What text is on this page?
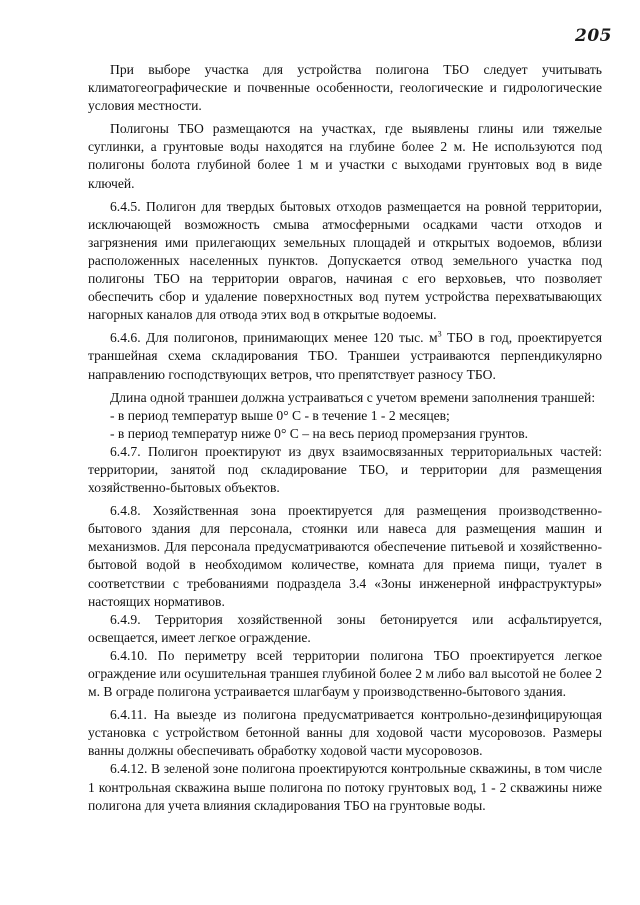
205

При выборе участка для устройства полигона ТБО следует учитывать климатогеографические и почвенные особенности, геологические и гидрологические условия местности.

Полигоны ТБО размещаются на участках, где выявлены глины или тяжелые суглинки, а грунтовые воды находятся на глубине более 2 м. Не используются под полигоны болота глубиной более 1 м и участки с выходами грунтовых вод в виде ключей.

6.4.5. Полигон для твердых бытовых отходов размещается на ровной территории, исключающей возможность смыва атмосферными осадками части отходов и загрязнения ими прилегающих земельных площадей и открытых водоемов, вблизи расположенных населенных пунктов. Допускается отвод земельного участка под полигоны ТБО на территории оврагов, начиная с его верховьев, что позволяет обеспечить сбор и удаление поверхностных вод путем устройства перехватывающих нагорных каналов для отвода этих вод в открытые водоемы.

6.4.6. Для полигонов, принимающих менее 120 тыс. $м^3$ ТБО в год, проектируется траншейная схема складирования ТБО. Траншеи устраиваются перпендикулярно направлению господствующих ветров, что препятствует разносу ТБО.

Длина одной траншеи должна устраиваться с учетом времени заполнения траншей:

- в период температур выше 0° С - в течение 1 - 2 месяцев;

- в период температур ниже 0° С – на весь период промерзания грунтов.

6.4.7. Полигон проектируют из двух взаимосвязанных территориальных частей: территории, занятой под складирование ТБО, и территории для размещения хозяйственно-бытовых объектов.

6.4.8. Хозяйственная зона проектируется для размещения производственно-бытового здания для персонала, стоянки или навеса для размещения машин и механизмов. Для персонала предусматриваются обеспечение питьевой и хозяйственно-бытовой водой в необходимом количестве, комната для приема пищи, туалет в соответствии с требованиями подраздела 3.4 «Зоны инженерной инфраструктуры» настоящих нормативов.

6.4.9. Территория хозяйственной зоны бетонируется или асфальтируется, освещается, имеет легкое ограждение.

6.4.10. По периметру всей территории полигона ТБО проектируется легкое ограждение или осушительная траншея глубиной более 2 м либо вал высотой не более 2 м. В ограде полигона устраивается шлагбаум у производственно-бытового здания.

6.4.11. На выезде из полигона предусматривается контрольно-дезинфицирующая установка с устройством бетонной ванны для ходовой части мусоровозов. Размеры ванны должны обеспечивать обработку ходовой части мусоровозов.

6.4.12. В зеленой зоне полигона проектируются контрольные скважины, в том числе 1 контрольная скважина выше полигона по потоку грунтовых вод, 1 - 2 скважины ниже полигона для учета влияния складирования ТБО на грунтовые воды.
